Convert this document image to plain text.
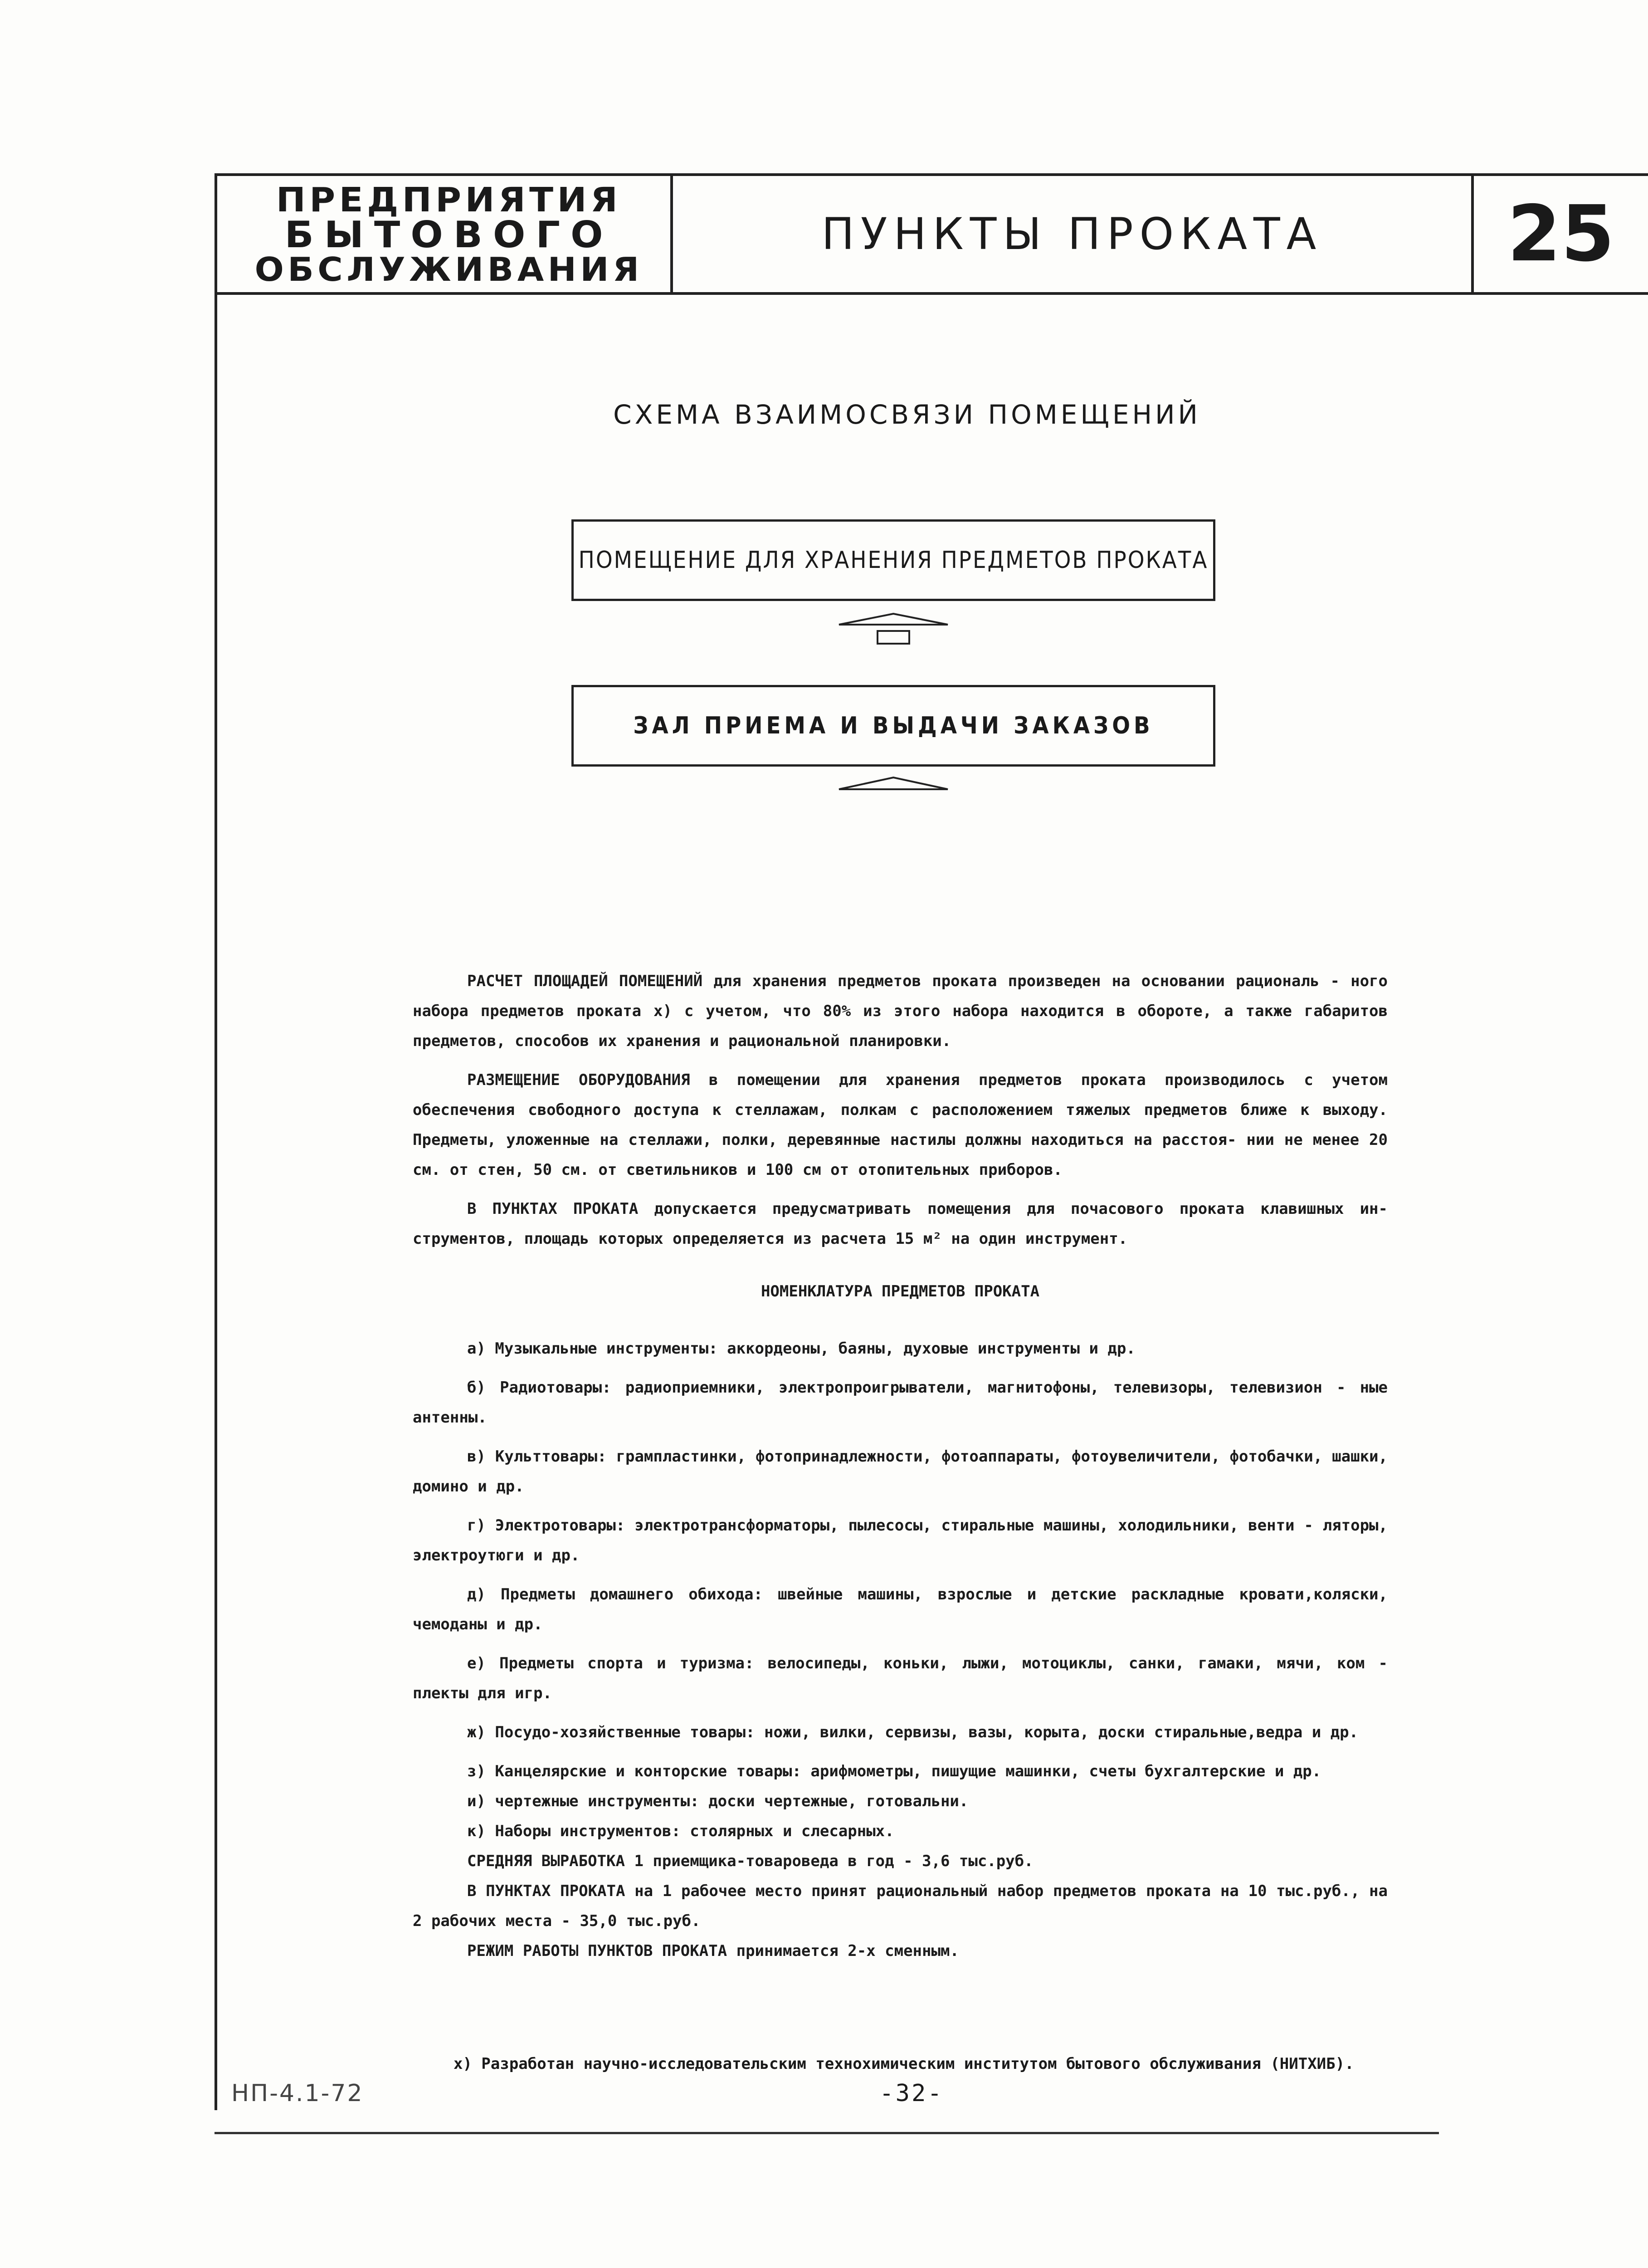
ПРЕДПРИЯТИЯ
БЫТОВОГО
ОБСЛУЖИВАНИЯ
ПУНКТЫ ПРОКАТА	25
СХЕМА ВЗАИМОСВЯЗИ ПОМЕЩЕНИЙ
ПОМЕЩЕНИЕ ДЛЯ ХРАНЕНИЯ ПРЕДМЕТОВ ПРОКАТА
ЗАЛ ПРИЕМА И ВЫДАЧИ ЗАКАЗОВ

РАСЧЕТ ПЛОЩАДЕЙ ПОМЕЩЕНИЙ для хранения предметов проката произведен на основании рациональ - ного набора предметов проката x) с учетом, что 80% из этого набора находится в обороте, а также габаритов предметов, способов их хранения и рациональной планировки.

РАЗМЕЩЕНИЕ ОБОРУДОВАНИЯ в помещении для хранения предметов проката производилось с учетом обеспечения свободного доступа к стеллажам, полкам с расположением тяжелых предметов ближе к выходу. Предметы, уложенные на стеллажи, полки, деревянные настилы должны находиться на расстоя- нии не менее 20 см. от стен, 50 см. от светильников и 100 см от отопительных приборов.

В ПУНКТАХ ПРОКАТА допускается предусматривать помещения для почасового проката клавишных ин- струментов, площадь которых определяется из расчета 15 м² на один инструмент.

НОМЕНКЛАТУРА ПРЕДМЕТОВ ПРОКАТА

а) Музыкальные инструменты: аккордеоны, баяны, духовые инструменты и др.

б) Радиотовары: радиоприемники, электропроигрыватели, магнитофоны, телевизоры, телевизион - ные антенны.

в) Культтовары: грампластинки, фотопринадлежности, фотоаппараты, фотоувеличители, фотобачки, шашки, домино и др.

г) Электротовары: электротрансформаторы, пылесосы, стиральные машины, холодильники, венти - ляторы, электроутюги и др.

д) Предметы домашнего обихода: швейные машины, взрослые и детские раскладные кровати,коляски, чемоданы и др.

е) Предметы спорта и туризма: велосипеды, коньки, лыжи, мотоциклы, санки, гамаки, мячи, ком - плекты для игр.

ж) Посудо-хозяйственные товары: ножи, вилки, сервизы, вазы, корыта, доски стиральные,ведра и др.

з) Канцелярские и конторские товары: арифмометры, пишущие машинки, счеты бухгалтерские и др.

и) чертежные инструменты: доски чертежные, готовальни.

к) Наборы инструментов: столярных и слесарных.

СРЕДНЯЯ ВЫРАБОТКА 1 приемщика-товароведа в год - 3,6 тыс.руб.

В ПУНКТАХ ПРОКАТА на 1 рабочее место принят рациональный набор предметов проката на 10 тыс.руб., на 2 рабочих места - 35,0 тыс.руб.

РЕЖИМ РАБОТЫ ПУНКТОВ ПРОКАТА принимается 2-х сменным.

x) Разработан научно-исследовательским технохимическим институтом бытового обслуживания (НИТХИБ).
НП-4.1-72	-32-
